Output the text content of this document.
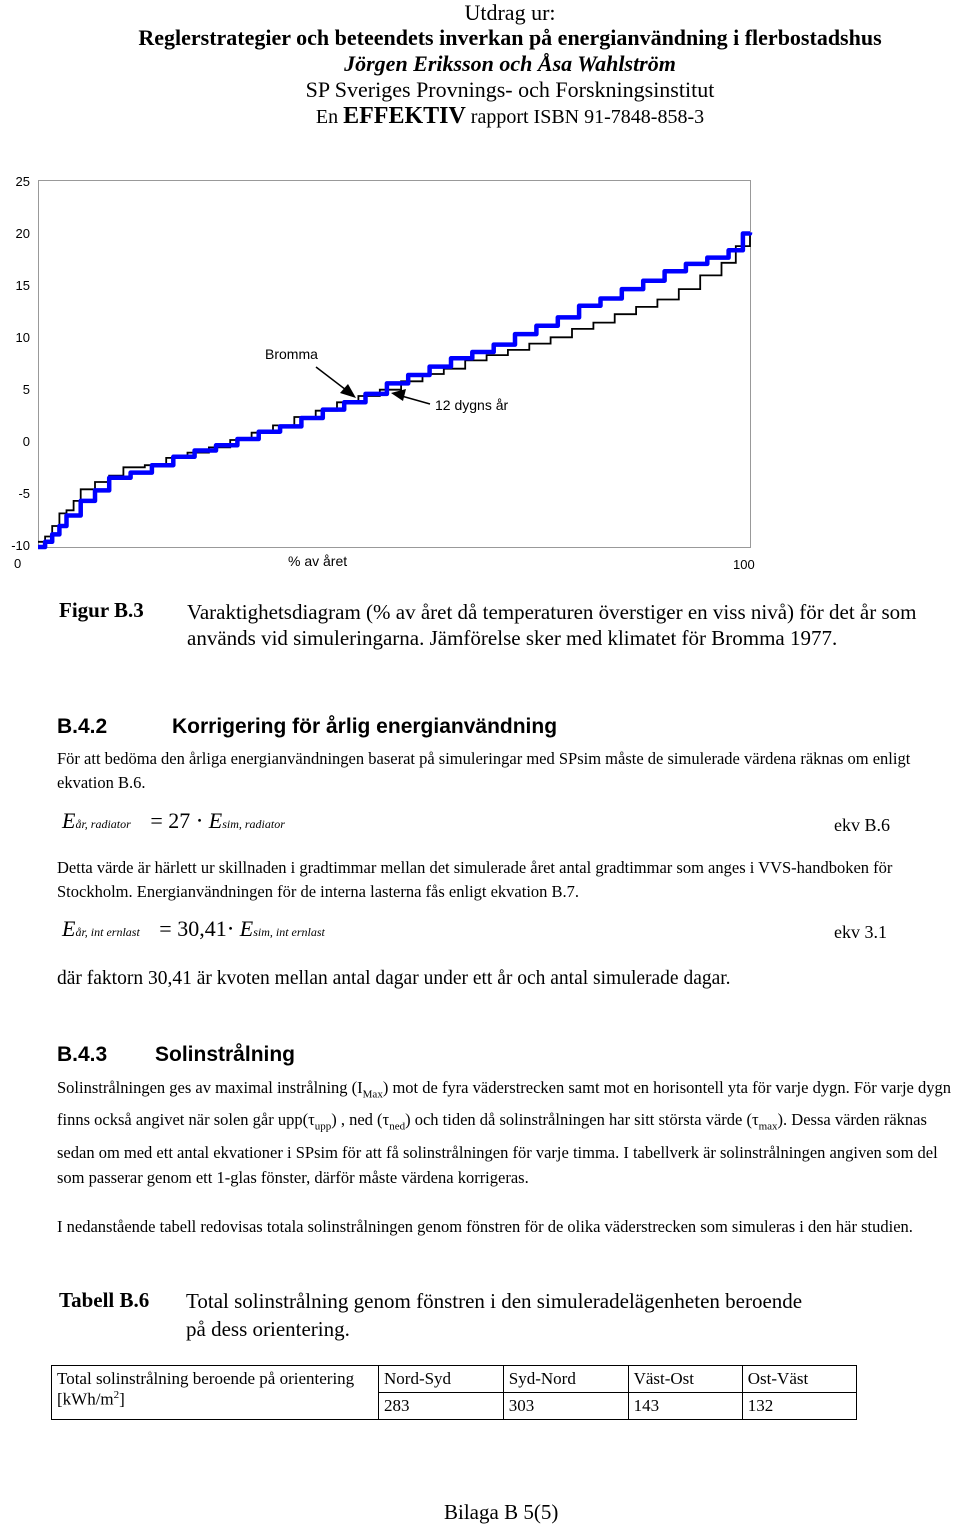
Utdrag ur:
Reglerstrategier och beteendets inverkan på energianvändning i flerbostadshus
Jörgen Eriksson och Åsa Wahlström
SP Sveriges Provnings- och Forskningsinstitut
En EFFEKTIV rapport ISBN 91-7848-858-3
25
20
15
10
5
0
-5
-10
Bromma
12 dygns år
0	% av året	100
Figur B.3 Varaktighetsdiagram (% av året då temperaturen överstiger en viss nivå) för det år som används vid simuleringarna. Jämförelse sker med klimatet för Bromma 1977.
B.4.2	Korrigering för årlig energianvändning
För att bedöma den årliga energianvändningen baserat på simuleringar med SPsim måste de simulerade värdena räknas om enligt ekvation B.6.
Eår, radiator = 27 ⋅ Esim, radiator	ekv B.6
Detta värde är härlett ur skillnaden i gradtimmar mellan det simulerade året antal gradtimmar som anges i VVS-handboken för Stockholm. Energianvändningen för de interna lasterna fås enligt ekvation B.7.
Eår, int ernlast = 30,41⋅ Esim, int ernlast	ekv 3.1
där faktorn 30,41 är kvoten mellan antal dagar under ett år och antal simulerade dagar.
B.4.3 Solinstrålning
Solinstrålningen ges av maximal instrålning $(I_{Max})$ mot de fyra väderstrecken samt mot en horisontell yta för varje dygn. För varje dygn finns också angivet när solen går $upp(\tau_{upp})$ , ned $(\tau_{ned})$ och tiden då solinstrålningen har sitt största värde $(\tau_{max})$. Dessa värden räknas sedan om med ett antal ekvationer i SPsim för att få solinstrålningen för varje timma. I tabellverk är solinstrålningen angiven som del som passerar genom ett 1-glas fönster, därför måste värdena korrigeras.
I nedanstående tabell redovisas totala solinstrålningen genom fönstren för de olika väderstrecken som simuleras i den här studien.
Tabell B.6 Total solinstrålning genom fönstren i den simuleradelägenheten beroende på dess orientering.
Total solinstrålning beroende på orientering $[kWh/m^2]$	Nord-Syd	Syd-Nord	Väst-Ost	Ost-Väst
	283	303	143	132
Bilaga B 5(5)
